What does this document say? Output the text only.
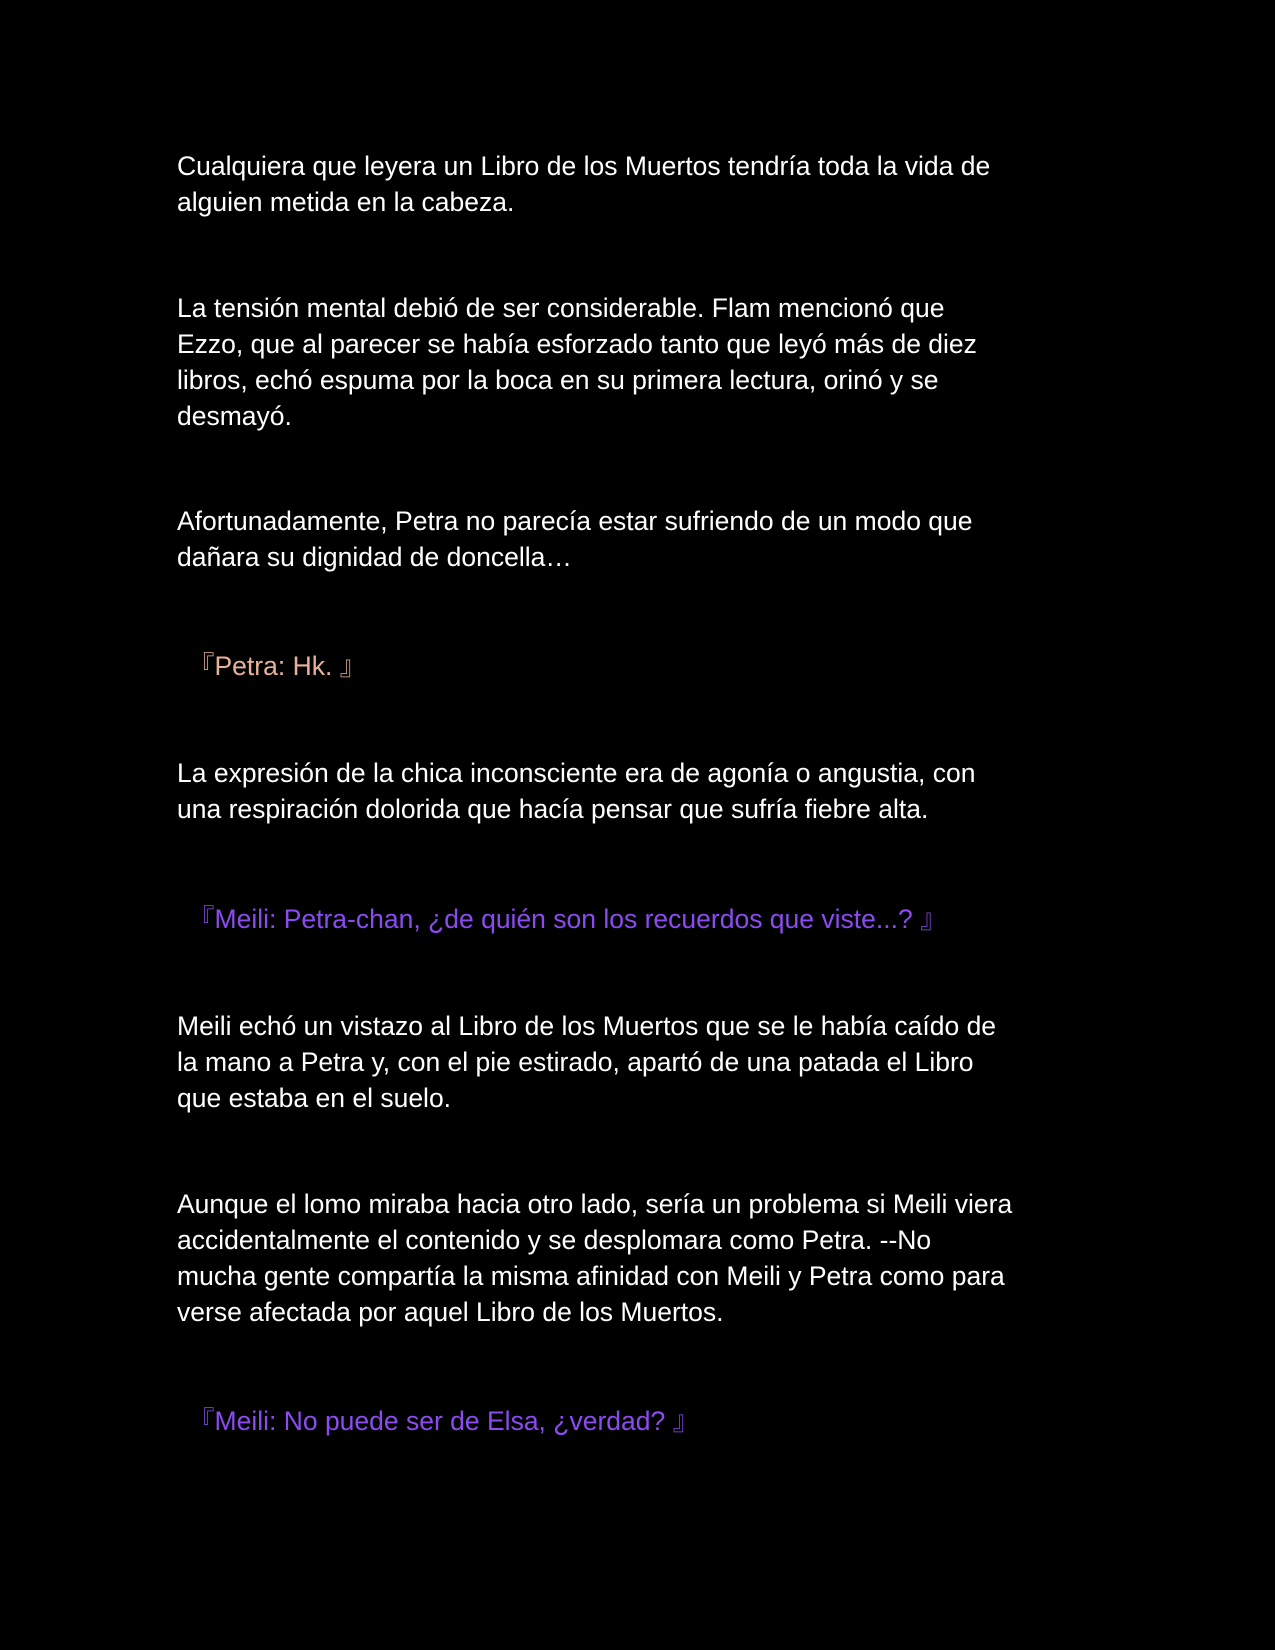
Cualquiera que leyera un Libro de los Muertos tendría toda la vida de
alguien metida en la cabeza.

La tensión mental debió de ser considerable. Flam mencionó que
Ezzo, que al parecer se había esforzado tanto que leyó más de diez
libros, echó espuma por la boca en su primera lectura, orinó y se
desmayó.

Afortunadamente, Petra no parecía estar sufriendo de un modo que
dañara su dignidad de doncella…

『Petra: Hk. 』

La expresión de la chica inconsciente era de agonía o angustia, con
una respiración dolorida que hacía pensar que sufría fiebre alta.

『Meili: Petra-chan, ¿de quién son los recuerdos que viste...? 』

Meili echó un vistazo al Libro de los Muertos que se le había caído de
la mano a Petra y, con el pie estirado, apartó de una patada el Libro
que estaba en el suelo.

Aunque el lomo miraba hacia otro lado, sería un problema si Meili viera
accidentalmente el contenido y se desplomara como Petra. --No
mucha gente compartía la misma afinidad con Meili y Petra como para
verse afectada por aquel Libro de los Muertos.

『Meili: No puede ser de Elsa, ¿verdad? 』
